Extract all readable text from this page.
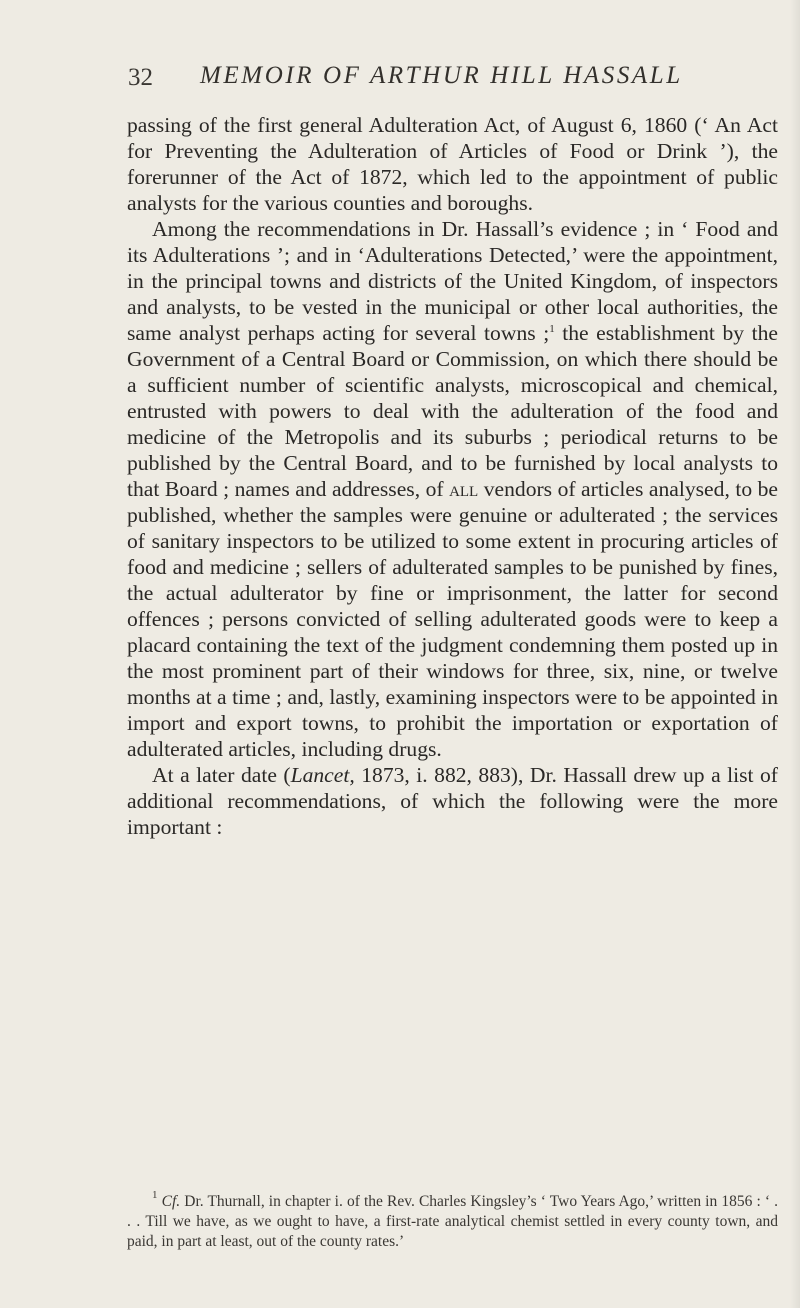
32 MEMOIR OF ARTHUR HILL HASSALL

passing of the first general Adulteration Act, of August 6, 1860 (‘ An Act for Preventing the Adulteration of Articles of Food or Drink ’), the forerunner of the Act of 1872, which led to the appointment of public analysts for the various counties and boroughs.

Among the recommendations in Dr. Hassall’s evidence ; in ‘ Food and its Adulterations ’; and in ‘Adulterations Detected,’ were the appointment, in the principal towns and districts of the United Kingdom, of inspectors and analysts, to be vested in the municipal or other local authorities, the same analyst perhaps acting for several towns ;$^1$ the establishment by the Government of a Central Board or Commission, on which there should be a sufficient number of scientific analysts, microscopical and chemical, entrusted with powers to deal with the adulteration of the food and medicine of the Metropolis and its suburbs ; periodical returns to be published by the Central Board, and to be furnished by local analysts to that Board ; names and addresses, of all vendors of articles analysed, to be published, whether the samples were genuine or adulterated ; the services of sanitary inspectors to be utilized to some extent in procuring articles of food and medicine ; sellers of adulterated samples to be punished by fines, the actual adulterator by fine or imprisonment, the latter for second offences ; persons convicted of selling adulterated goods were to keep a placard containing the text of the judgment condemning them posted up in the most prominent part of their windows for three, six, nine, or twelve months at a time ; and, lastly, examining inspectors were to be appointed in import and export towns, to prohibit the importation or exportation of adulterated articles, including drugs.

At a later date (Lancet, 1873, i. 882, 883), Dr. Hassall drew up a list of additional recommendations, of which the following were the more important :

$^1$ Cf. Dr. Thurnall, in chapter i. of the Rev. Charles Kingsley’s ‘ Two Years Ago,’ written in 1856 : ‘ . . . Till we have, as we ought to have, a first-rate analytical chemist settled in every county town, and paid, in part at least, out of the county rates.’
